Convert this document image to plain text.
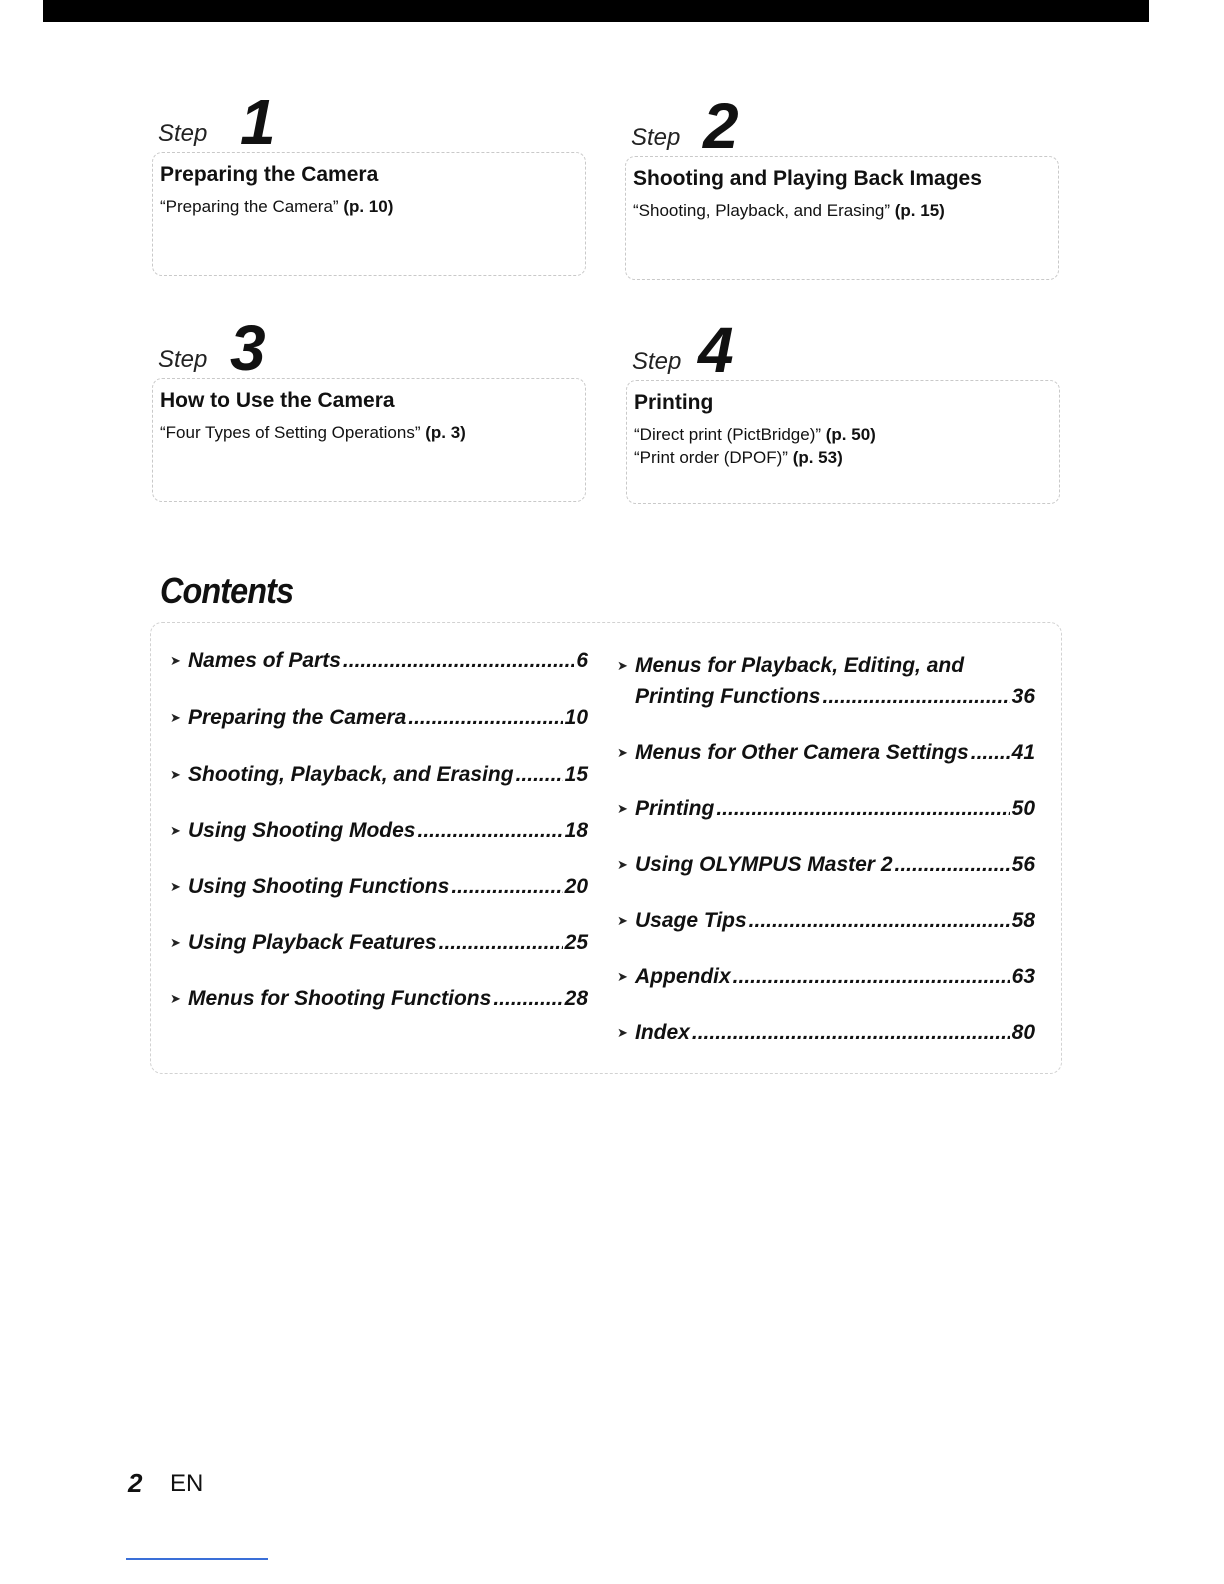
Step 1
Preparing the Camera
“Preparing the Camera” (p. 10)
Step 2
Shooting and Playing Back Images
“Shooting, Playback, and Erasing” (p. 15)
Step 3
How to Use the Camera
“Four Types of Setting Operations” (p. 3)
Step 4
Printing
“Direct print (PictBridge)” (p. 50)
“Print order (DPOF)” (p. 53)
Contents
➤ Names of Parts .....	6
➤ Preparing the Camera .....	10
➤ Shooting, Playback, and Erasing ..... 15
➤ Using Shooting Modes .....	18
➤ Using Shooting Functions .....	20
➤ Using Playback Features .....	25
➤ Menus for Shooting Functions .....	28
➤ Menus for Playback, Editing, and
Printing Functions .....	36
➤ Menus for Other Camera Settings ..... 41
➤ Printing .....	50
➤ Using OLYMPUS Master 2 .....	56
➤ Usage Tips .....	58
➤ Appendix .....	63
➤ Index .....	80
2 EN
